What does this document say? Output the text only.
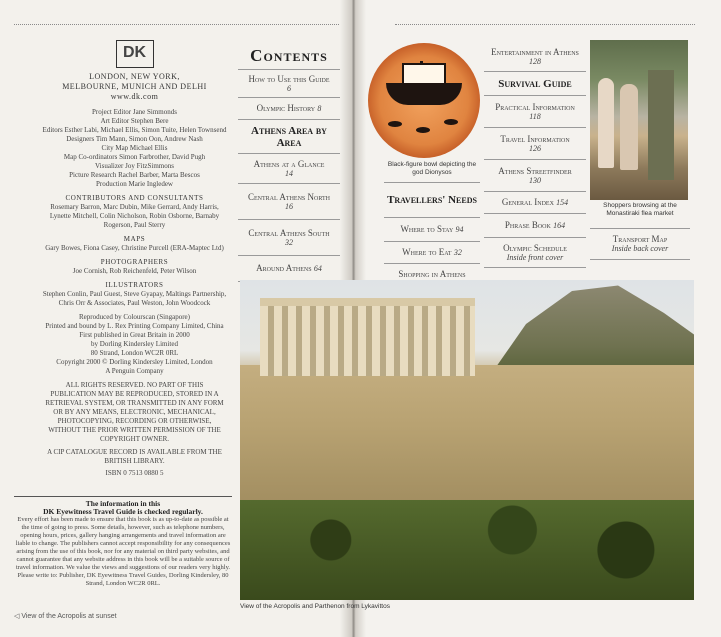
DK
LONDON, NEW YORK,
MELBOURNE, MUNICH AND DELHI
www.dk.com
Project Editor Jane Simmonds
Art Editor Stephen Bere
Editors Esther Labi, Michael Ellis, Simon Tuite, Helen Townsend
Designers Tim Mann, Simon Oon, Andrew Nash
City Map Michael Ellis
Map Co-ordinators Simon Farbrother, David Pugh
Visualizer Joy FitzSimmons
Picture Research Rachel Barber, Marta Bescos
Production Marie Ingledew
CONTRIBUTORS AND CONSULTANTS
Rosemary Barron, Marc Dubin, Mike Gerrard, Andy Harris, Lynette Mitchell, Colin Nicholson, Robin Osborne, Barnaby Rogerson, Paul Sterry
MAPS
Gary Bowes, Fiona Casey, Christine Purcell (ERA-Maptec Ltd)
PHOTOGRAPHERS
Joe Cornish, Rob Reichenfeld, Peter Wilson
ILLUSTRATORS
Stephen Conlin, Paul Guest, Steve Gyapay, Maltings Partnership, Chris Orr & Associates, Paul Weston, John Woodcock
Reproduced by Colourscan (Singapore)
Printed and bound by L. Rex Printing Company Limited, China
First published in Great Britain in 2000
by Dorling Kindersley Limited
80 Strand, London WC2R 0RL
Copyright 2000 © Dorling Kindersley Limited, London
A Penguin Company
ALL RIGHTS RESERVED. NO PART OF THIS PUBLICATION MAY BE REPRODUCED, STORED IN A RETRIEVAL SYSTEM, OR TRANSMITTED IN ANY FORM OR BY ANY MEANS, ELECTRONIC, MECHANICAL, PHOTOCOPYING, RECORDING OR OTHERWISE, WITHOUT THE PRIOR WRITTEN PERMISSION OF THE COPYRIGHT OWNER.
A CIP CATALOGUE RECORD IS AVAILABLE FROM THE BRITISH LIBRARY.
ISBN 0 7513 0880 5
The information in this
DK Eyewitness Travel Guide is checked regularly.
Every effort has been made to ensure that this book is as up-to-date as possible at the time of going to press. Some details, however, such as telephone numbers, opening hours, prices, gallery hanging arrangements and travel information are liable to change. The publishers cannot accept responsibility for any consequences arising from the use of this book, nor for any material on third party websites, and cannot guarantee that any website address in this book will be a suitable source of travel information. We value the views and suggestions of our readers very highly. Please write to: Publisher, DK Eyewitness Travel Guides, Dorling Kindersley, 80 Strand, London WC2R 0RL.
◁ View of the Acropolis at sunset
Contents
How to Use this Guide
6
Olympic History 8
Athens Area by Area
Athens at a Glance
14
Central Athens North
16
Central Athens South
32
Around Athens 64
Travellers' Needs
Where to Stay 94
Where to Eat 32
Shopping in Athens
Entertainment in Athens
128
Survival Guide
Practical Information
118
Travel Information
126
Athens Streetfinder
130
General Index 154
Phrase Book 164
Olympic Schedule
Inside front cover
Transport Map
Inside back cover
Black-figure bowl depicting the god Dionysos
Shoppers browsing at the Monastiraki flea market
View of the Acropolis and Parthenon from Lykavittos
